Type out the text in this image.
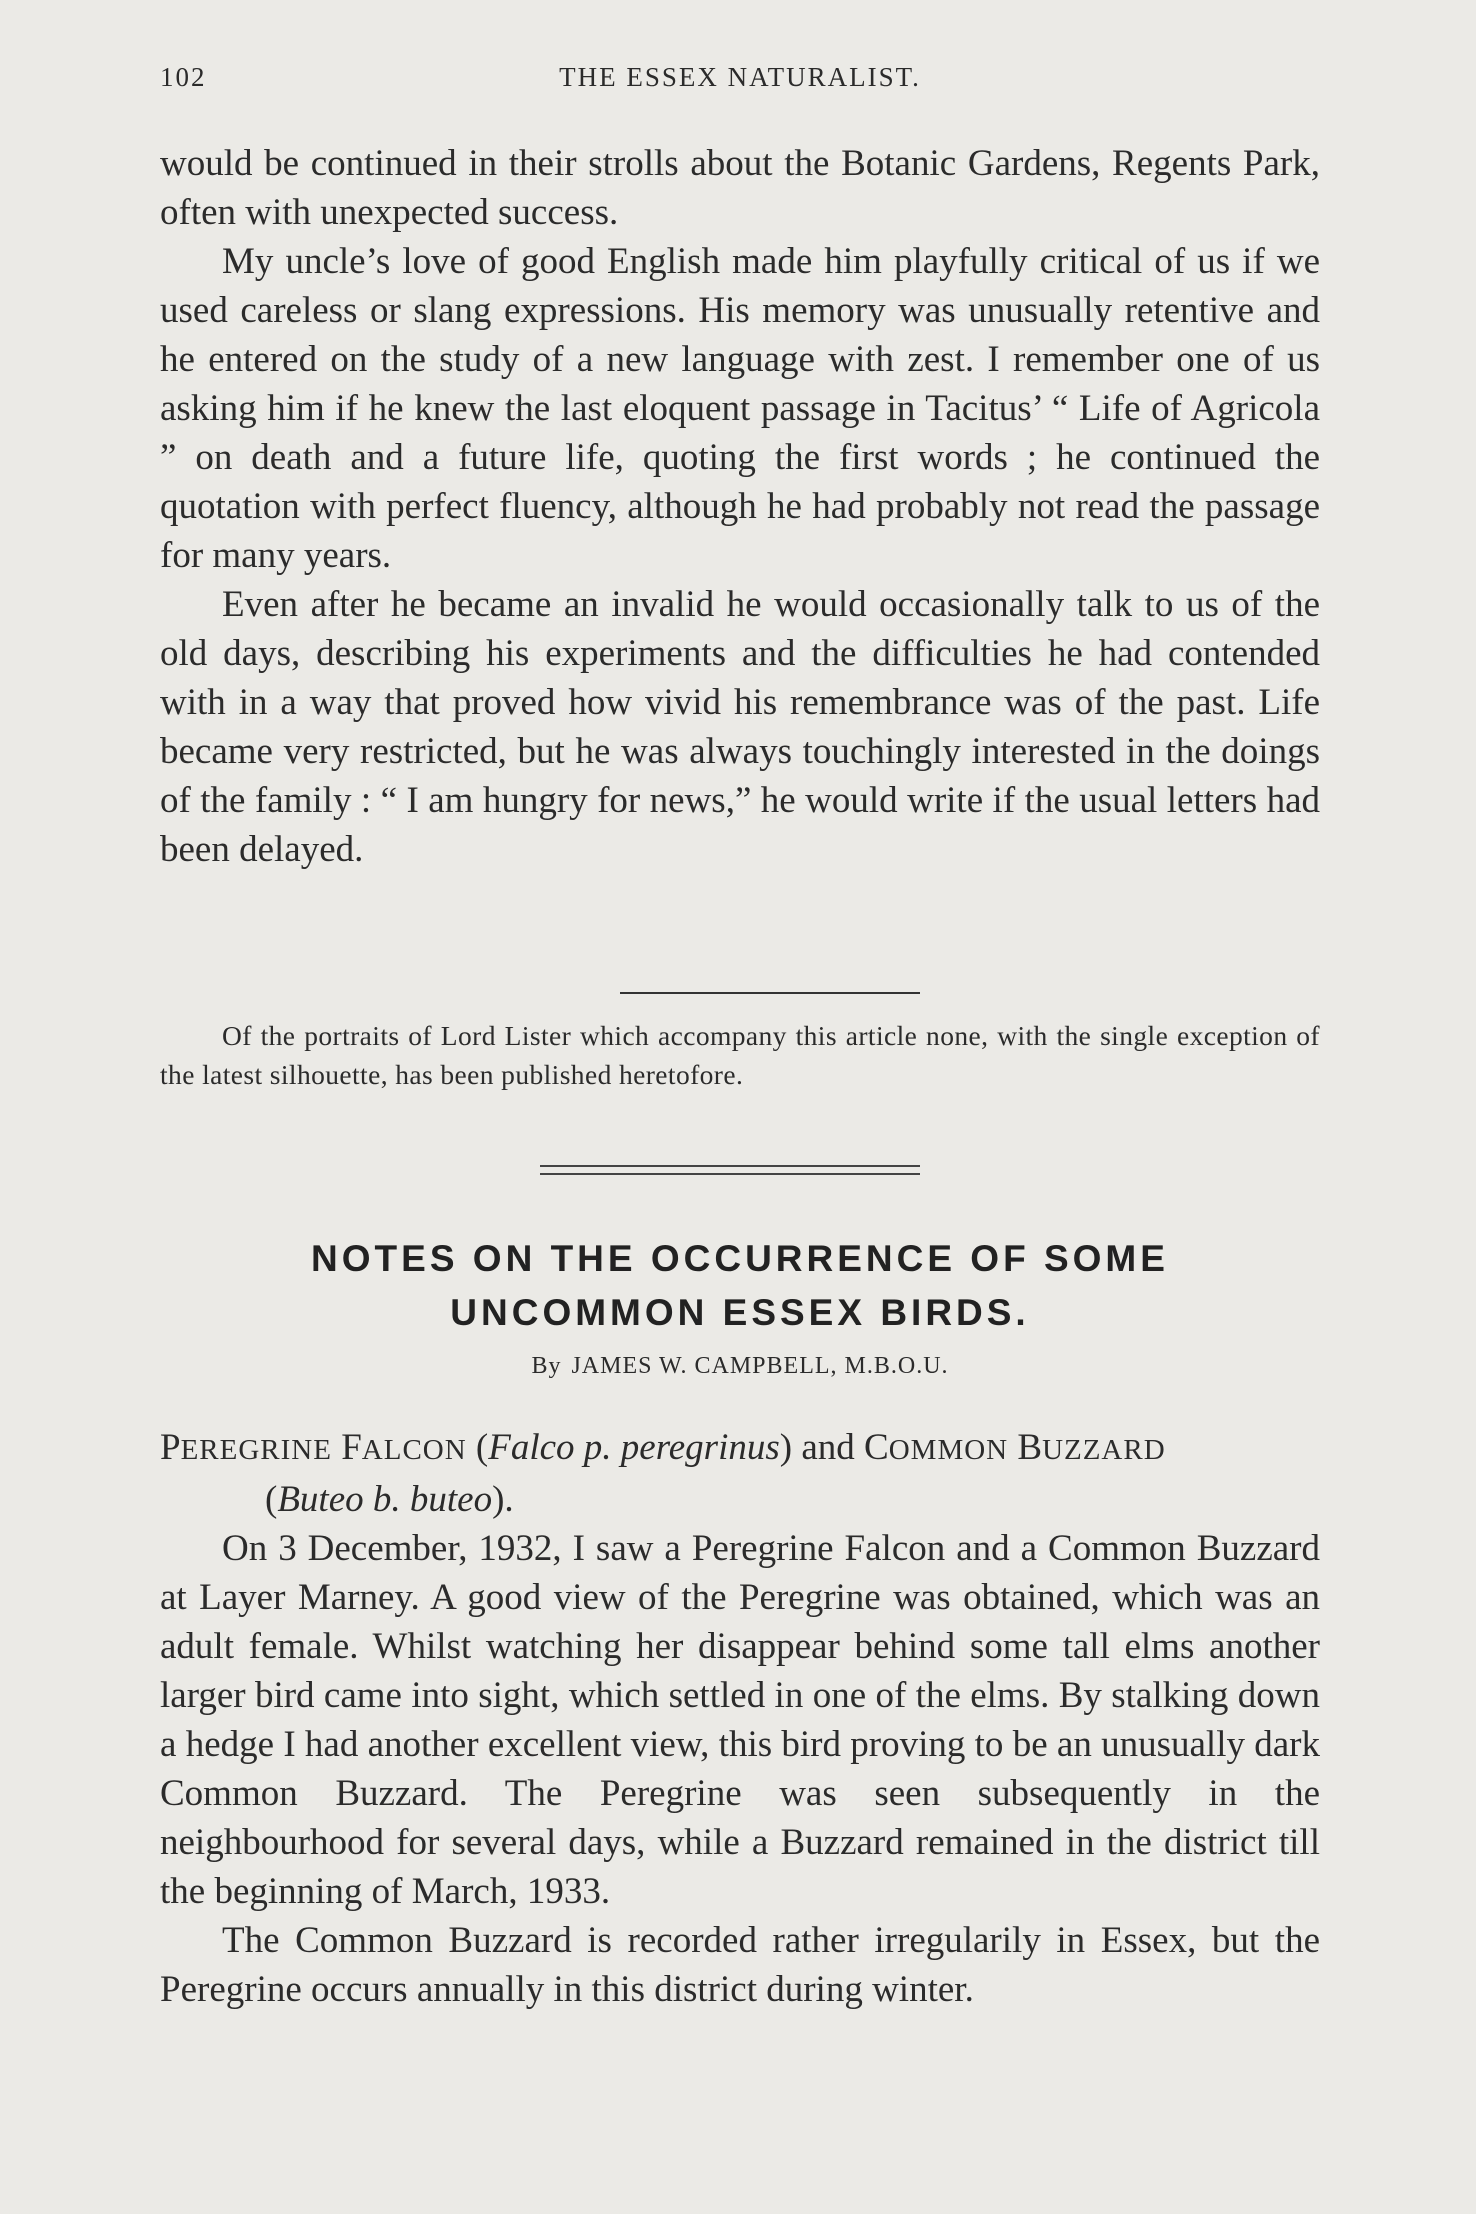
102	THE ESSEX NATURALIST.

would be continued in their strolls about the Botanic Gardens, Regents Park, often with unexpected success.

My uncle’s love of good English made him playfully critical of us if we used careless or slang expressions. His memory was unusually retentive and he entered on the study of a new language with zest. I remember one of us asking him if he knew the last eloquent passage in Tacitus’ “ Life of Agricola ” on death and a future life, quoting the first words ; he continued the quotation with perfect fluency, although he had probably not read the passage for many years.

Even after he became an invalid he would occasionally talk to us of the old days, describing his experiments and the difficulties he had contended with in a way that proved how vivid his remembrance was of the past. Life became very restricted, but he was always touchingly interested in the doings of the family : “ I am hungry for news,” he would write if the usual letters had been delayed.

Of the portraits of Lord Lister which accompany this article none, with the single exception of the latest silhouette, has been published heretofore.

NOTES ON THE OCCURRENCE OF SOME
UNCOMMON ESSEX BIRDS.
By JAMES W. CAMPBELL, M.B.O.U.

PEREGRINE FALCON (Falco p. peregrinus) and COMMON BUZZARD

(Buteo b. buteo).

On 3 December, 1932, I saw a Peregrine Falcon and a Common Buzzard at Layer Marney. A good view of the Peregrine was obtained, which was an adult female. Whilst watching her disappear behind some tall elms another larger bird came into sight, which settled in one of the elms. By stalking down a hedge I had another excellent view, this bird proving to be an unusually dark Common Buzzard. The Peregrine was seen subsequently in the neighbourhood for several days, while a Buzzard remained in the district till the beginning of March, 1933.

The Common Buzzard is recorded rather irregularily in Essex, but the Peregrine occurs annually in this district during winter.
